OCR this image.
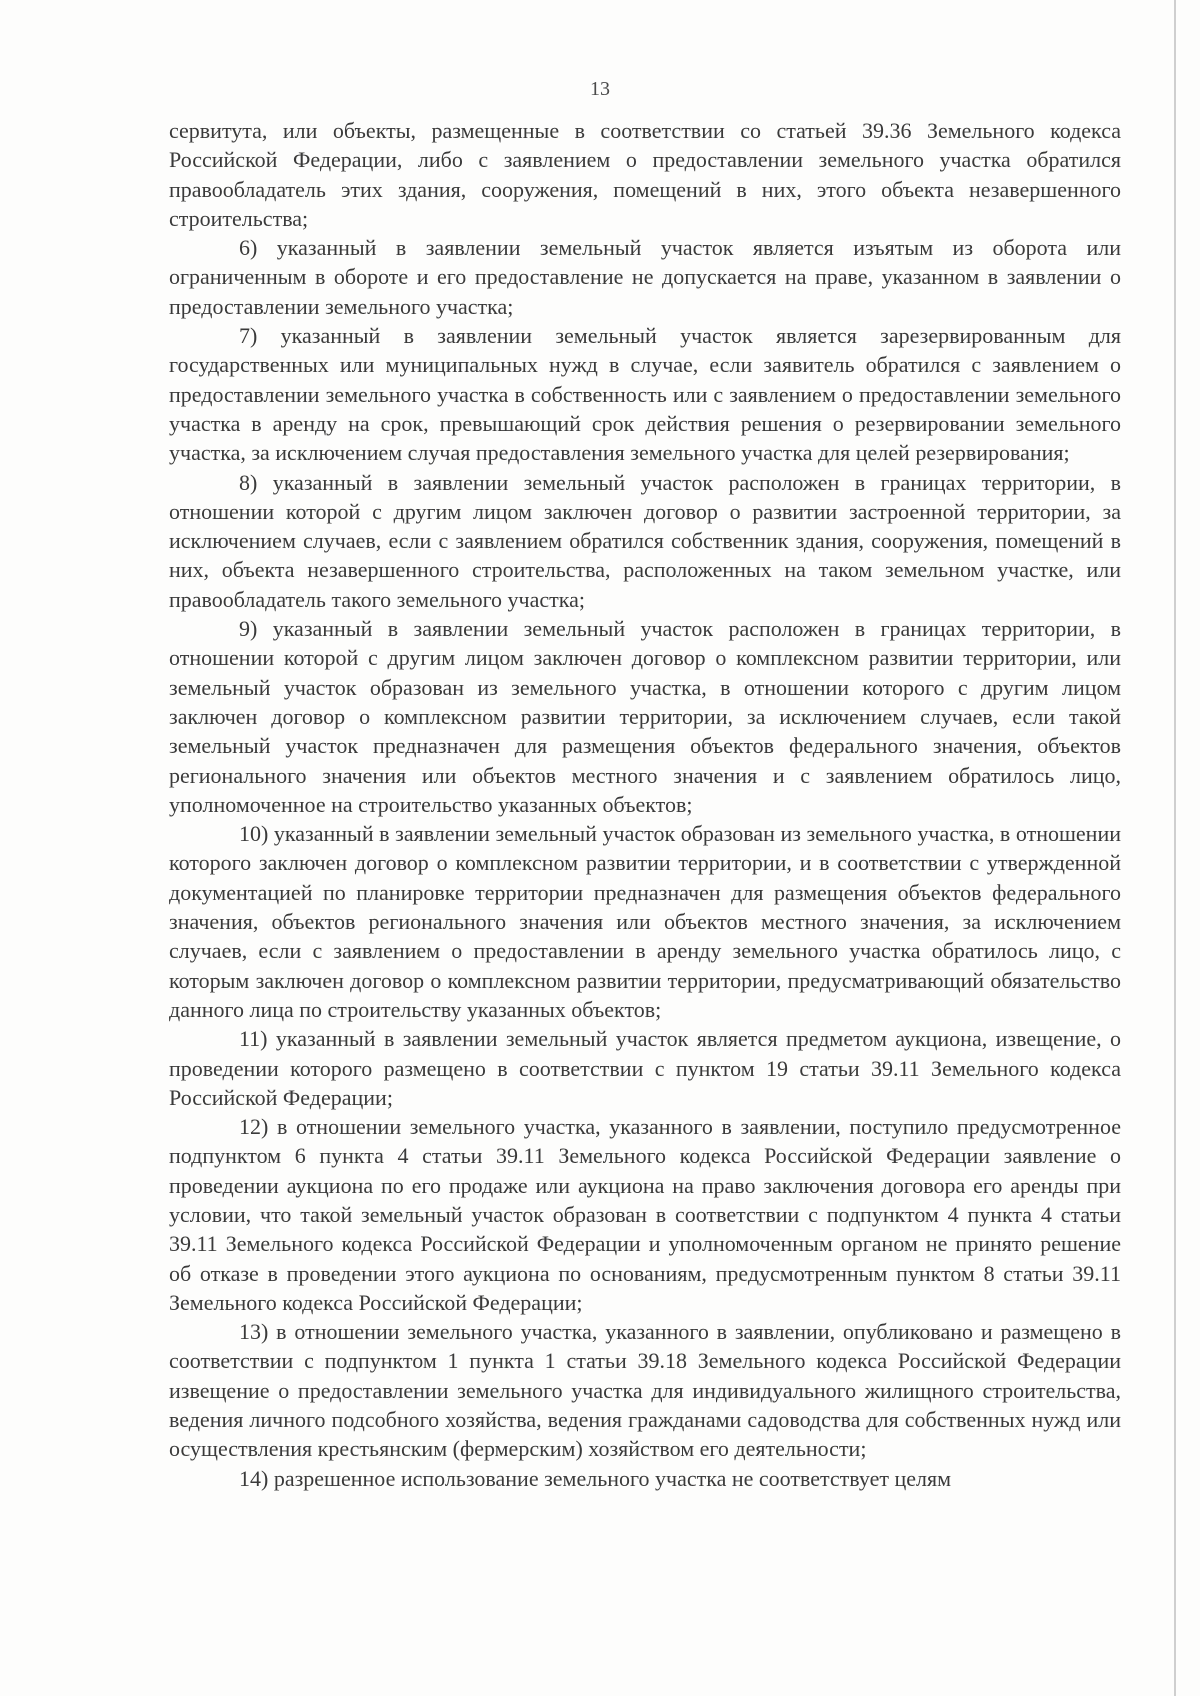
13

сервитута, или объекты, размещенные в соответствии со статьей 39.36 Земельного кодекса Российской Федерации, либо с заявлением о предоставлении земельного участка обратился правообладатель этих здания, сооружения, помещений в них, этого объекта незавершенного строительства;

6) указанный в заявлении земельный участок является изъятым из оборота или ограниченным в обороте и его предоставление не допускается на праве, указанном в заявлении о предоставлении земельного участка;

7) указанный в заявлении земельный участок является зарезервированным для государственных или муниципальных нужд в случае, если заявитель обратился с заявлением о предоставлении земельного участка в собственность или с заявлением о предоставлении земельного участка в аренду на срок, превышающий срок действия решения о резервировании земельного участка, за исключением случая предоставления земельного участка для целей резервирования;

8) указанный в заявлении земельный участок расположен в границах территории, в отношении которой с другим лицом заключен договор о развитии застроенной территории, за исключением случаев, если с заявлением обратился собственник здания, сооружения, помещений в них, объекта незавершенного строительства, расположенных на таком земельном участке, или правообладатель такого земельного участка;

9) указанный в заявлении земельный участок расположен в границах территории, в отношении которой с другим лицом заключен договор о комплексном развитии территории, или земельный участок образован из земельного участка, в отношении которого с другим лицом заключен договор о комплексном развитии территории, за исключением случаев, если такой земельный участок предназначен для размещения объектов федерального значения, объектов регионального значения или объектов местного значения и с заявлением обратилось лицо, уполномоченное на строительство указанных объектов;

10) указанный в заявлении земельный участок образован из земельного участка, в отношении которого заключен договор о комплексном развитии территории, и в соответствии с утвержденной документацией по планировке территории предназначен для размещения объектов федерального значения, объектов регионального значения или объектов местного значения, за исключением случаев, если с заявлением о предоставлении в аренду земельного участка обратилось лицо, с которым заключен договор о комплексном развитии территории, предусматривающий обязательство данного лица по строительству указанных объектов;

11) указанный в заявлении земельный участок является предметом аукциона, извещение, о проведении которого размещено в соответствии с пунктом 19 статьи 39.11 Земельного кодекса Российской Федерации;

12) в отношении земельного участка, указанного в заявлении, поступило предусмотренное подпунктом 6 пункта 4 статьи 39.11 Земельного кодекса Российской Федерации заявление о проведении аукциона по его продаже или аукциона на право заключения договора его аренды при условии, что такой земельный участок образован в соответствии с подпунктом 4 пункта 4 статьи 39.11 Земельного кодекса Российской Федерации и уполномоченным органом не принято решение об отказе в проведении этого аукциона по основаниям, предусмотренным пунктом 8 статьи 39.11 Земельного кодекса Российской Федерации;

13) в отношении земельного участка, указанного в заявлении, опубликовано и размещено в соответствии с подпунктом 1 пункта 1 статьи 39.18 Земельного кодекса Российской Федерации извещение о предоставлении земельного участка для индивидуального жилищного строительства, ведения личного подсобного хозяйства, ведения гражданами садоводства для собственных нужд или осуществления крестьянским (фермерским) хозяйством его деятельности;

14) разрешенное использование земельного участка не соответствует целям
